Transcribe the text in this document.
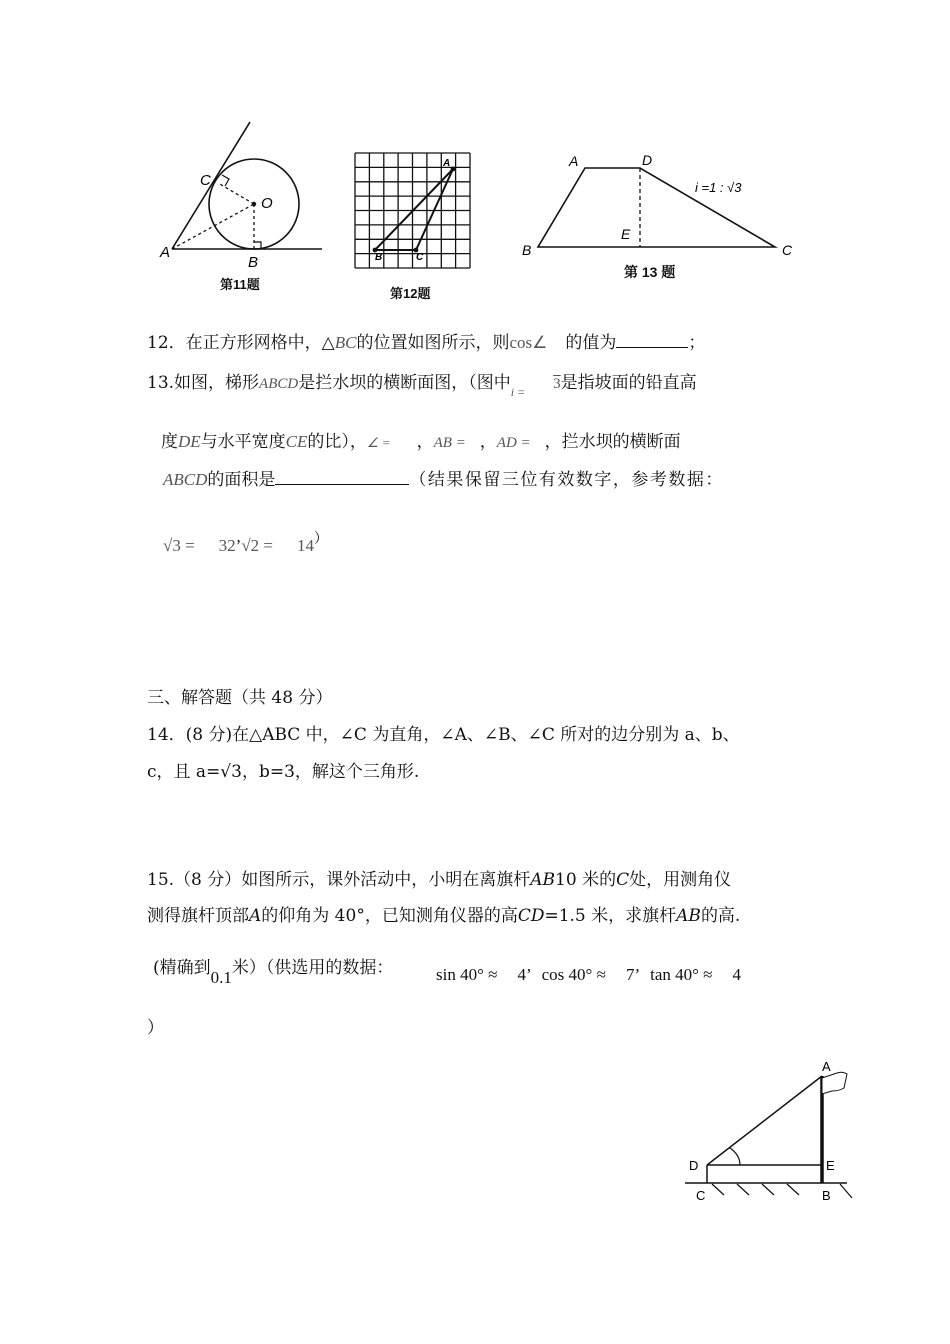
C
O
A
B
第11题
A
B	C
第12题
A	D
B
E
C
i =1 : √3
第 13 题
12．在正方形网格中，△BC的位置如图所示，则cos∠ 的值为	；
13.如图，梯形ABCD是拦水坝的横断面图，（图中$_{i =}$ 3是指坡面的铅直高
度DE与水平宽度CE的比），∠ = ，AB = ，AD = ，拦水坝的横断面
ABCD的面积是	（结果保留三位有效数字，参考数据：
√3 = 32’√2 = 14）
三、解答题（共 48 分）
14．(8 分)在△ABC 中，∠C 为直角，∠A、∠B、∠C 所对的边分别为 a、b、
c，且 a=√3，b=3，解这个三角形.
15.（8 分）如图所示，课外活动中，小明在离旗杆AB10 米的C处，用测角仪
测得旗杆顶部A的仰角为 40°，已知测角仪器的高CD=1.5 米，求旗杆AB的高.
(精确到0.1米）（供选用的数据：	sin 40° ≈ 4’ cos 40° ≈ 7’ tan 40° ≈ 4
）
A
D	E
C	B
